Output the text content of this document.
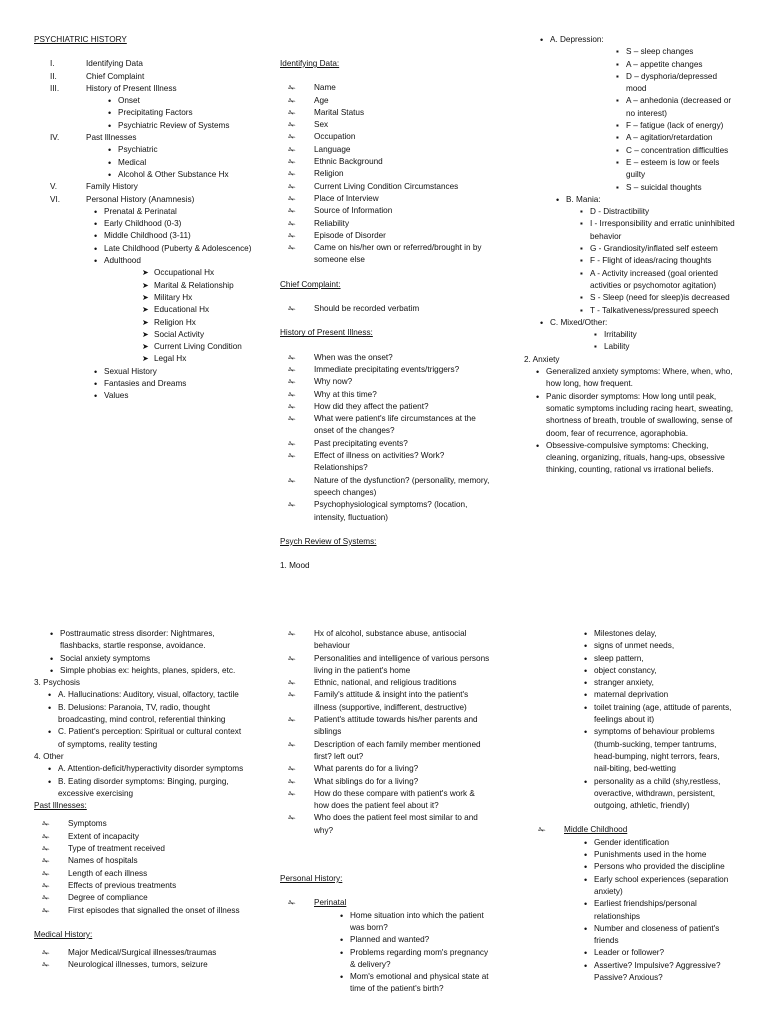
PSYCHIATRIC HISTORY
I.	Identifying Data
II.	Chief Complaint
III.	History of Present Illness
• Onset
• Precipitating Factors
• Psychiatric Review of Systems
IV.	Past Illnesses
• Psychiatric
• Medical
• Alcohol & Other Substance Hx
V.	Family History
VI.	Personal History (Anamnesis)
• Prenatal & Perinatal
• Early Childhood (0-3)
• Middle Childhood (3-11)
• Late Childhood (Puberty & Adolescence)
• Adulthood
➤ Occupational Hx
➤ Marital & Relationship
➤ Military Hx
➤ Educational Hx
➤ Religion Hx
➤ Social Activity
➤ Current Living Condition
➤ Legal Hx
• Sexual History
• Fantasies and Dreams
• Values
Identifying Data:
✁ Name
✁ Age
✁ Marital Status
✁ Sex
✁ Occupation
✁ Language
✁ Ethnic Background
✁ Religion
✁ Current Living Condition Circumstances
✁ Place of Interview
✁ Source of Information
✁ Reliability
✁ Episode of Disorder
✁ Came on his/her own or referred/brought in by someone else
Chief Complaint:
✁ Should be recorded verbatim
History of Present Illness:
✁ When was the onset?
✁ Immediate precipitating events/triggers?
✁ Why now?
✁ Why at this time?
✁ How did they affect the patient?
✁ What were patient's life circumstances at the onset of the changes?
✁ Past precipitating events?
✁ Effect of illness on activities? Work? Relationships?
✁ Nature of the dysfunction? (personality, memory, speech changes)
✁ Psychophysiological symptoms? (location, intensity, fluctuation)
Psych Review of Systems:
1. Mood
• A. Depression:
▪ S – sleep changes
▪ A – appetite changes
▪ D – dysphoria/depressed mood
▪ A – anhedonia (decreased or no interest)
▪ F – fatigue (lack of energy)
▪ A – agitation/retardation
▪ C – concentration difficulties
▪ E – esteem is low or feels guilty
▪ S – suicidal thoughts
• B. Mania:
▪ D - Distractibility
▪ I - Irresponsibility and erratic uninhibited behavior
▪ G - Grandiosity/inflated self esteem
▪ F - Flight of ideas/racing thoughts
▪ A - Activity increased (goal oriented activities or psychomotor agitation)
▪ S - Sleep (need for sleep)is decreased
▪ T - Talkativeness/pressured speech
• C. Mixed/Other:
▪ Irritability
▪ Lability
2. Anxiety
• Generalized anxiety symptoms: Where, when, who, how long, how frequent.
• Panic disorder symptoms: How long until peak, somatic symptoms including racing heart, sweating, shortness of breath, trouble of swallowing, sense of doom, fear of recurrence, agoraphobia.
• Obsessive-compulsive symptoms: Checking, cleaning, organizing, rituals, hang-ups, obsessive thinking, counting, rational vs irrational beliefs.
• Posttraumatic stress disorder: Nightmares, flashbacks, startle response, avoidance.
• Social anxiety symptoms
• Simple phobias ex: heights, planes, spiders, etc.
3. Psychosis
• A. Hallucinations: Auditory, visual, olfactory, tactile
• B. Delusions: Paranoia, TV, radio, thought broadcasting, mind control, referential thinking
• C. Patient's perception: Spiritual or cultural context of symptoms, reality testing
4. Other
• A. Attention-deficit/hyperactivity disorder symptoms
• B. Eating disorder symptoms: Binging, purging, excessive exercising
Past Illnesses:
✁ Symptoms
✁ Extent of incapacity
✁ Type of treatment received
✁ Names of hospitals
✁ Length of each illness
✁ Effects of previous treatments
✁ Degree of compliance
✁ First episodes that signalled the onset of illness
Medical History:
✁ Major Medical/Surgical illnesses/traumas
✁ Neurological illnesses, tumors, seizure
✁ Hx of alcohol, substance abuse, antisocial behaviour
✁ Personalities and intelligence of various persons living in the patient's home
✁ Ethnic, national, and religious traditions
✁ Family's attitude & insight into the patient's illness (supportive, indifferent, destructive)
✁ Patient's attitude towards his/her parents and siblings
✁ Description of each family member mentioned first? left out?
✁ What parents do for a living?
✁ What siblings do for a living?
✁ How do these compare with patient's work & how does the patient feel about it?
✁ Who does the patient feel most similar to and why?
Personal History:
✁ Perinatal
• Home situation into which the patient was born?
• Planned and wanted?
• Problems regarding mom's pregnancy & delivery?
• Mom's emotional and physical state at time of the patient's birth?
• Milestones delay,
• signs of unmet needs,
• sleep pattern,
• object constancy,
• stranger anxiety,
• maternal deprivation
• toilet training (age, attitude of parents, feelings about it)
• symptoms of behaviour problems (thumb-sucking, temper tantrums, head-bumping, night terrors, fears, nail-biting, bed-wetting
• personality as a child (shy,restless, overactive, withdrawn, persistent, outgoing, athletic, friendly)
✁ Middle Childhood
• Gender identification
• Punishments used in the home
• Persons who provided the discipline
• Early school experiences (separation anxiety)
• Earliest friendships/personal relationships
• Number and closeness of patient's friends
• Leader or follower?
• Assertive? Impulsive? Aggressive? Passive? Anxious?
